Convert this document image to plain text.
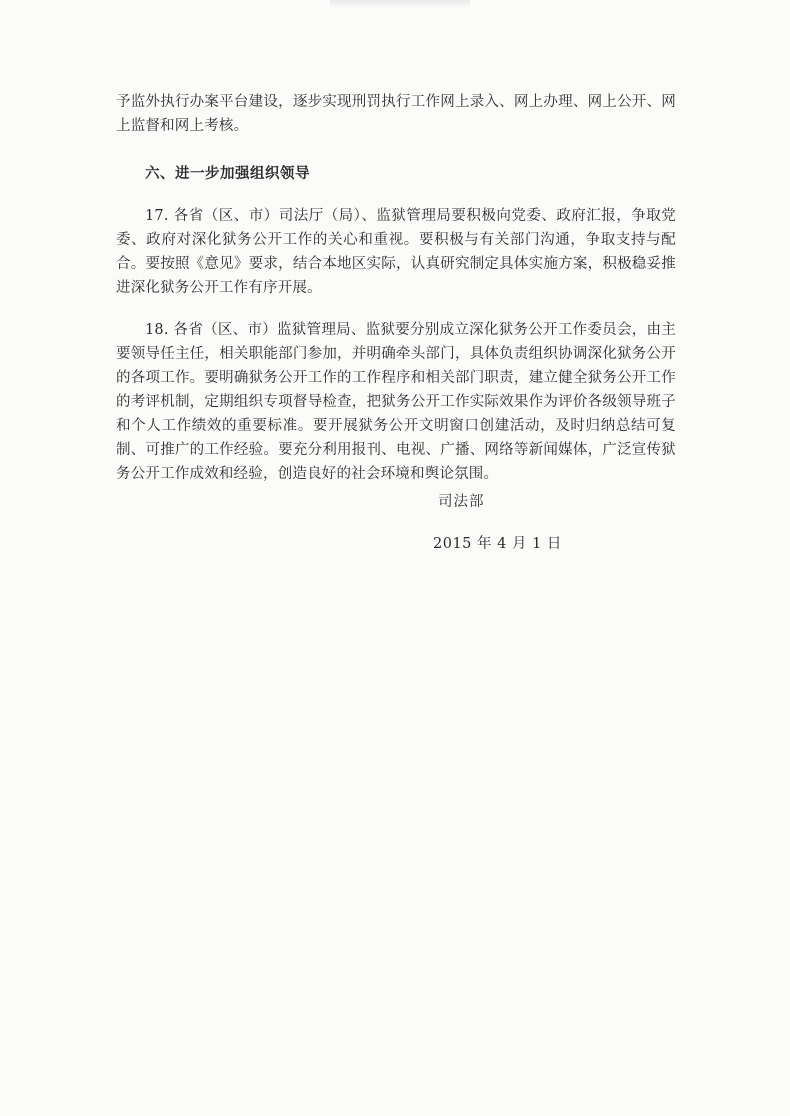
予监外执行办案平台建设，逐步实现刑罚执行工作网上录入、网上办理、网上公开、网上监督和网上考核。

六、进一步加强组织领导

17. 各省（区、市）司法厅（局）、监狱管理局要积极向党委、政府汇报，争取党委、政府对深化狱务公开工作的关心和重视。要积极与有关部门沟通，争取支持与配合。要按照《意见》要求，结合本地区实际，认真研究制定具体实施方案，积极稳妥推进深化狱务公开工作有序开展。

18. 各省（区、市）监狱管理局、监狱要分别成立深化狱务公开工作委员会，由主要领导任主任，相关职能部门参加，并明确牵头部门，具体负责组织协调深化狱务公开的各项工作。要明确狱务公开工作的工作程序和相关部门职责，建立健全狱务公开工作的考评机制，定期组织专项督导检查，把狱务公开工作实际效果作为评价各级领导班子和个人工作绩效的重要标准。要开展狱务公开文明窗口创建活动，及时归纳总结可复制、可推广的工作经验。要充分利用报刊、电视、广播、网络等新闻媒体，广泛宣传狱务公开工作成效和经验，创造良好的社会环境和舆论氛围。

司法部
2015 年 4 月 1 日
